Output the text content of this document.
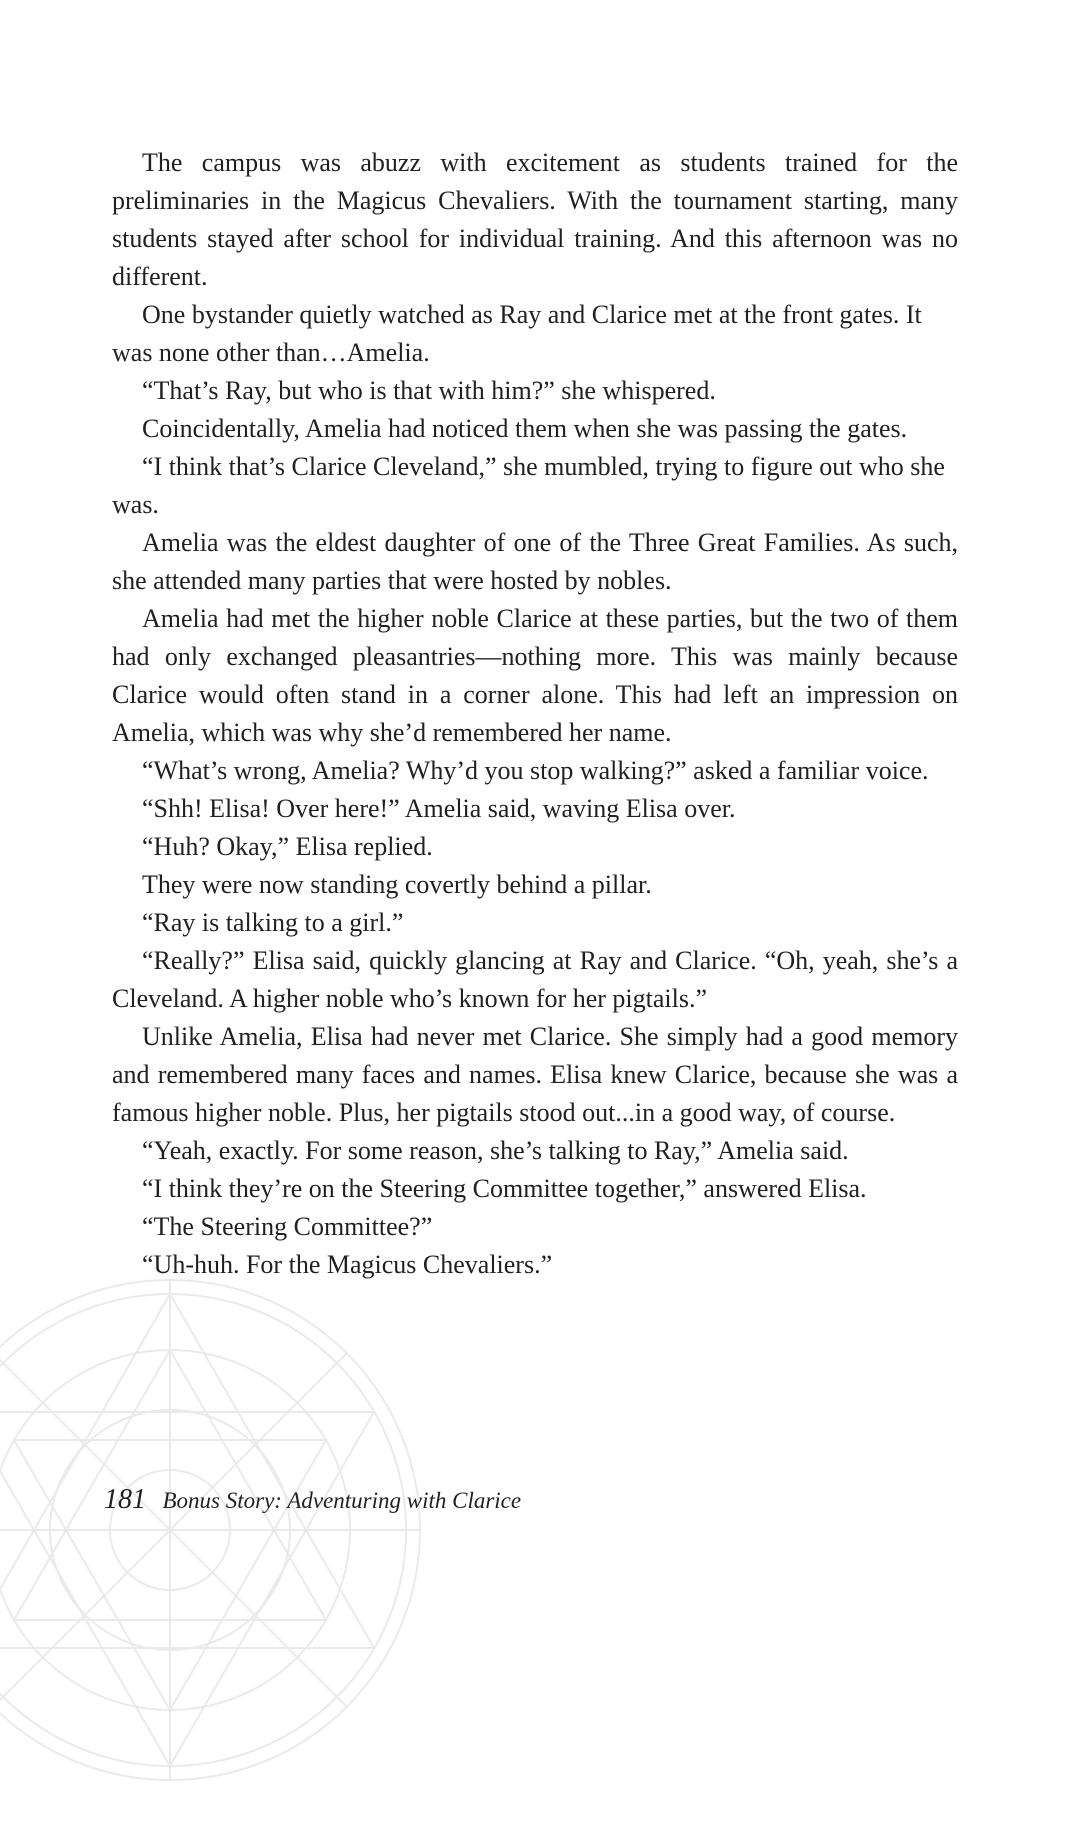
The campus was abuzz with excitement as students trained for the preliminaries in the Magicus Chevaliers. With the tournament starting, many students stayed after school for individual training. And this afternoon was no different.

One bystander quietly watched as Ray and Clarice met at the front gates. It was none other than…Amelia.

“That’s Ray, but who is that with him?” she whispered.

Coincidentally, Amelia had noticed them when she was passing the gates.

“I think that’s Clarice Cleveland,” she mumbled, trying to figure out who she was.

Amelia was the eldest daughter of one of the Three Great Families. As such, she attended many parties that were hosted by nobles.

Amelia had met the higher noble Clarice at these parties, but the two of them had only exchanged pleasantries—nothing more. This was mainly because Clarice would often stand in a corner alone. This had left an impression on Amelia, which was why she’d remembered her name.

“What’s wrong, Amelia? Why’d you stop walking?” asked a familiar voice.

“Shh! Elisa! Over here!” Amelia said, waving Elisa over.

“Huh? Okay,” Elisa replied.

They were now standing covertly behind a pillar.

“Ray is talking to a girl.”

“Really?” Elisa said, quickly glancing at Ray and Clarice. “Oh, yeah, she’s a Cleveland. A higher noble who’s known for her pigtails.”

Unlike Amelia, Elisa had never met Clarice. She simply had a good memory and remembered many faces and names. Elisa knew Clarice, because she was a famous higher noble. Plus, her pigtails stood out...in a good way, of course.

“Yeah, exactly. For some reason, she’s talking to Ray,” Amelia said.

“I think they’re on the Steering Committee together,” answered Elisa.

“The Steering Committee?”

“Uh-huh. For the Magicus Chevaliers.”

181 Bonus Story: Adventuring with Clarice
